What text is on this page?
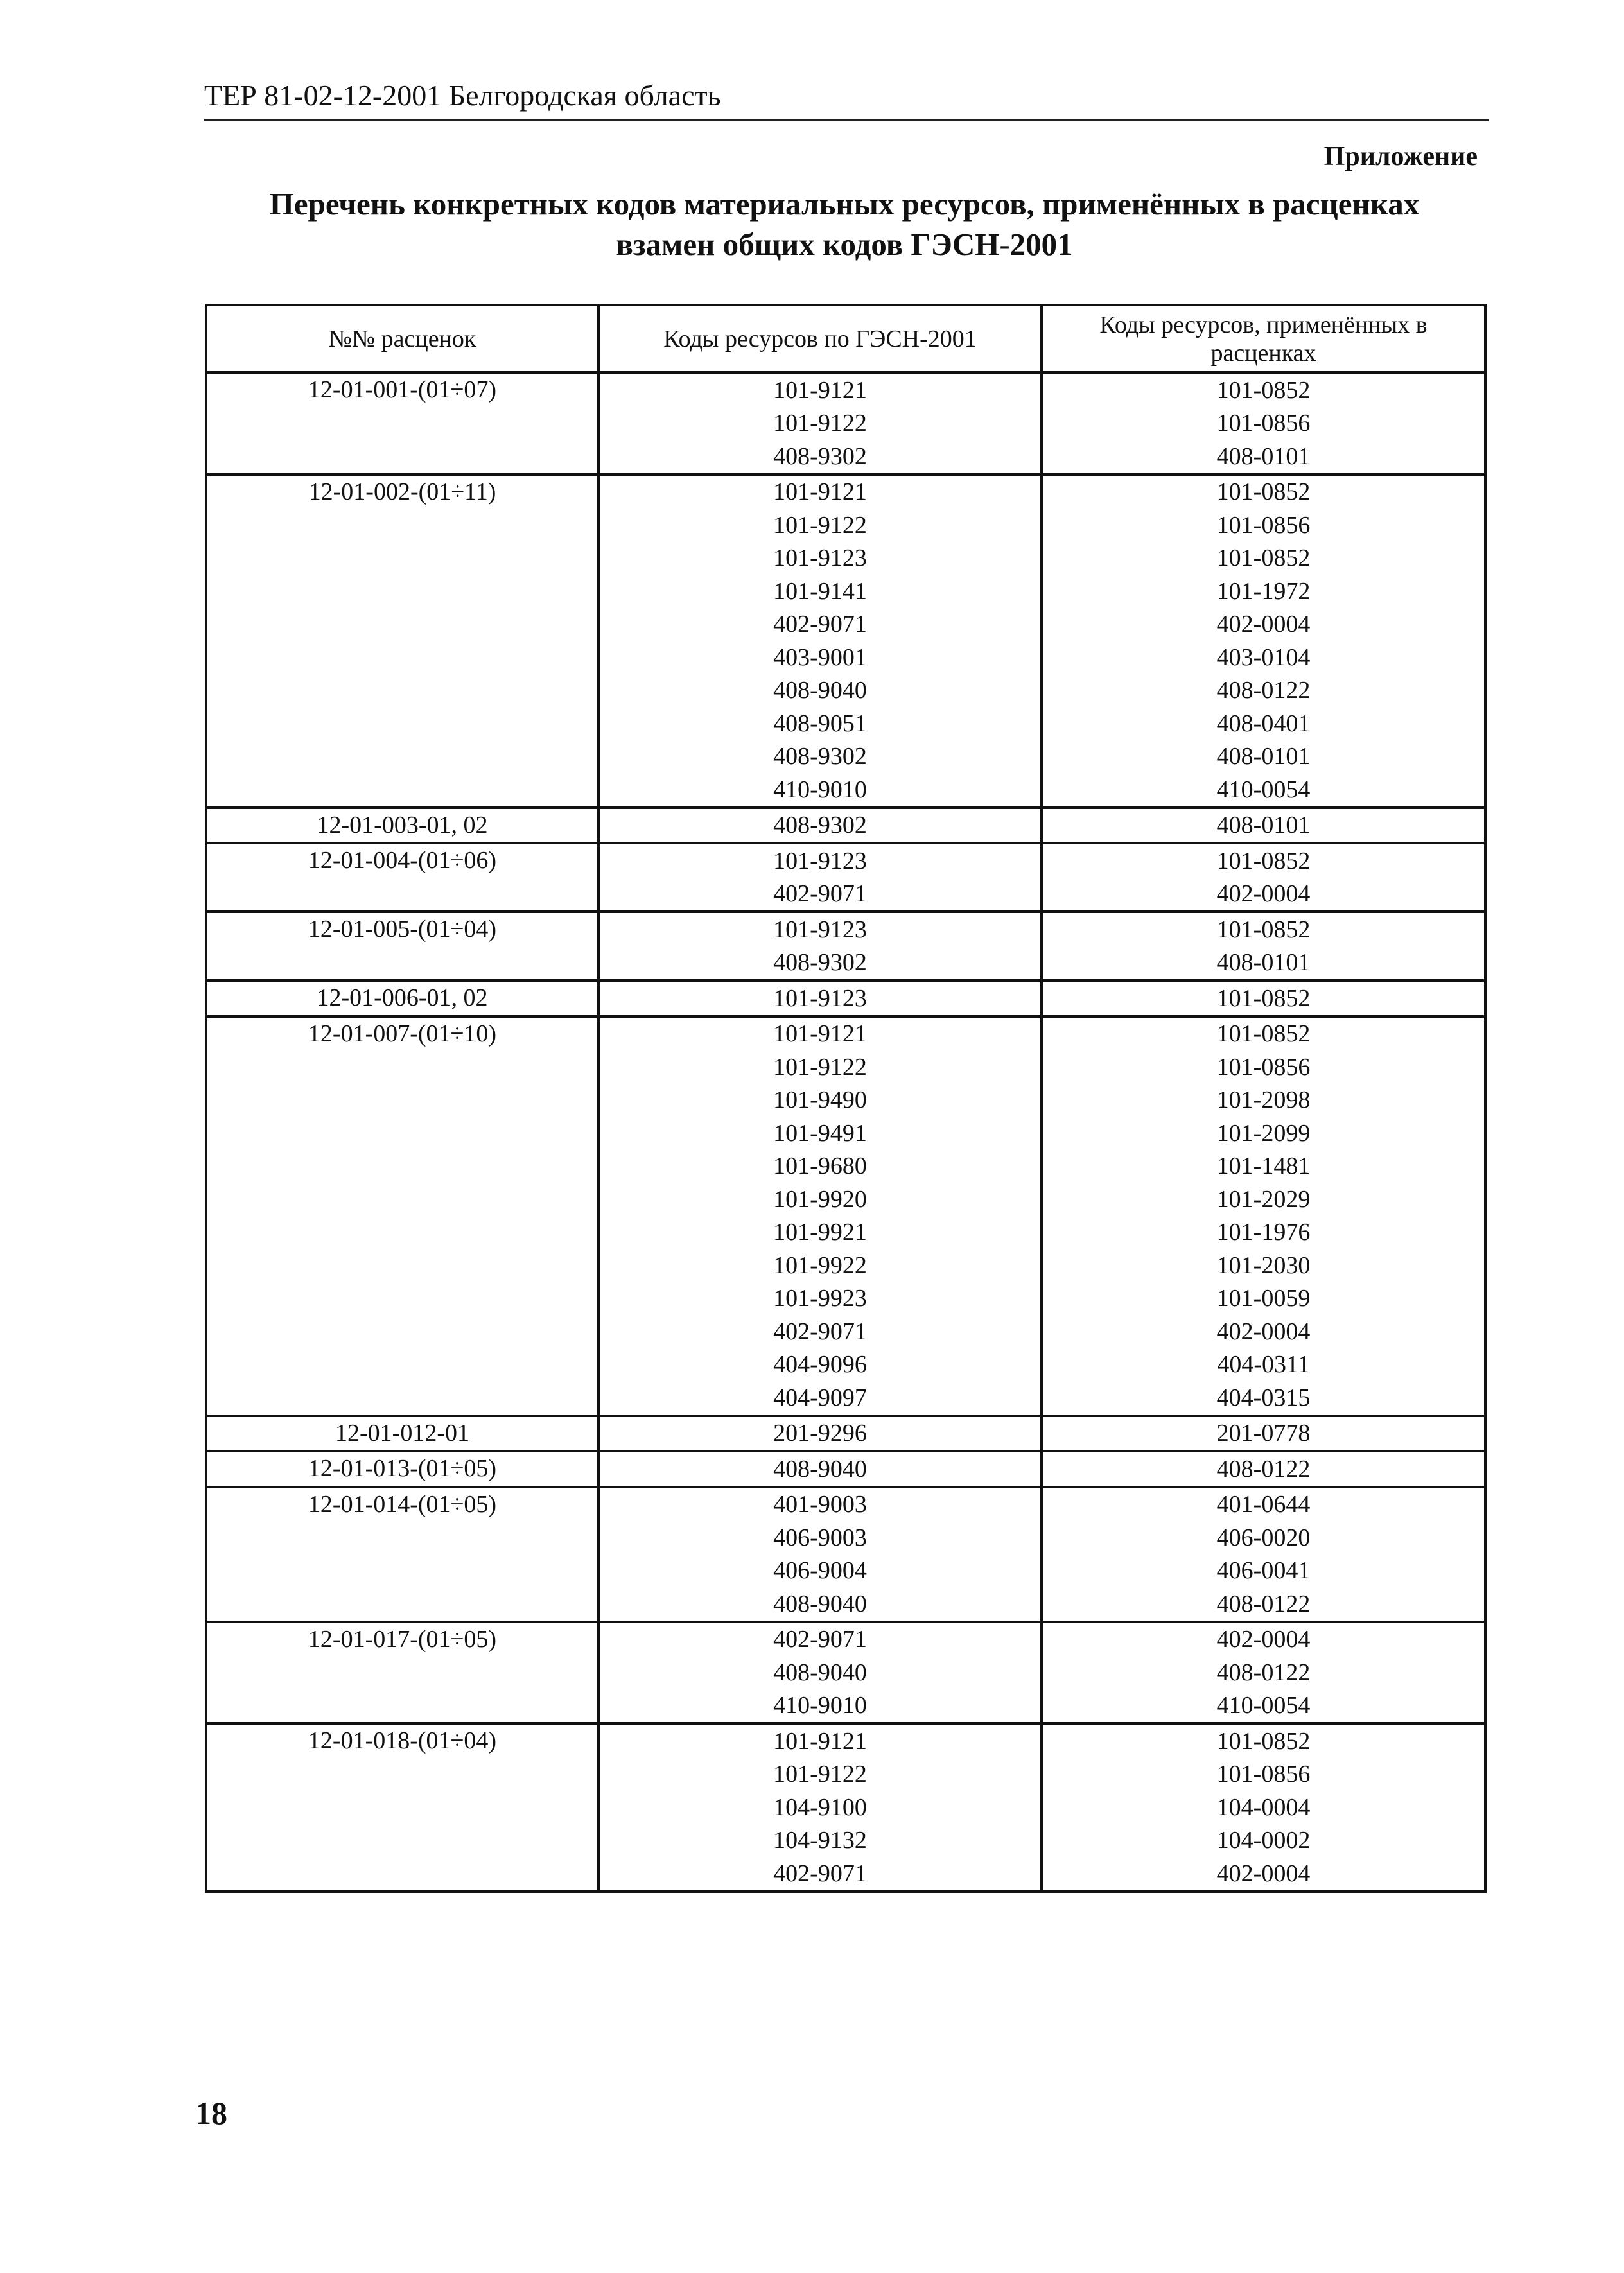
ТЕР 81-02-12-2001 Белгородская область
Приложение
Перечень конкретных кодов материальных ресурсов, применённых в расценках
взамен общих кодов ГЭСН-2001
№№ расценок	Коды ресурсов по ГЭСН-2001	Коды ресурсов, применённых в расценках
12-01-001-(01÷07)	101-9121	101-0852
	101-9122	101-0856
	408-9302	408-0101
12-01-002-(01÷11)	101-9121	101-0852
	101-9122	101-0856
	101-9123	101-0852
	101-9141	101-1972
	402-9071	402-0004
	403-9001	403-0104
	408-9040	408-0122
	408-9051	408-0401
	408-9302	408-0101
	410-9010	410-0054
12-01-003-01, 02	408-9302	408-0101
12-01-004-(01÷06)	101-9123	101-0852
	402-9071	402-0004
12-01-005-(01÷04)	101-9123	101-0852
	408-9302	408-0101
12-01-006-01, 02	101-9123	101-0852
12-01-007-(01÷10)	101-9121	101-0852
	101-9122	101-0856
	101-9490	101-2098
	101-9491	101-2099
	101-9680	101-1481
	101-9920	101-2029
	101-9921	101-1976
	101-9922	101-2030
	101-9923	101-0059
	402-9071	402-0004
	404-9096	404-0311
	404-9097	404-0315
12-01-012-01	201-9296	201-0778
12-01-013-(01÷05)	408-9040	408-0122
12-01-014-(01÷05)	401-9003	401-0644
	406-9003	406-0020
	406-9004	406-0041
	408-9040	408-0122
12-01-017-(01÷05)	402-9071	402-0004
	408-9040	408-0122
	410-9010	410-0054
12-01-018-(01÷04)	101-9121	101-0852
	101-9122	101-0856
	104-9100	104-0004
	104-9132	104-0002
	402-9071	402-0004
18
